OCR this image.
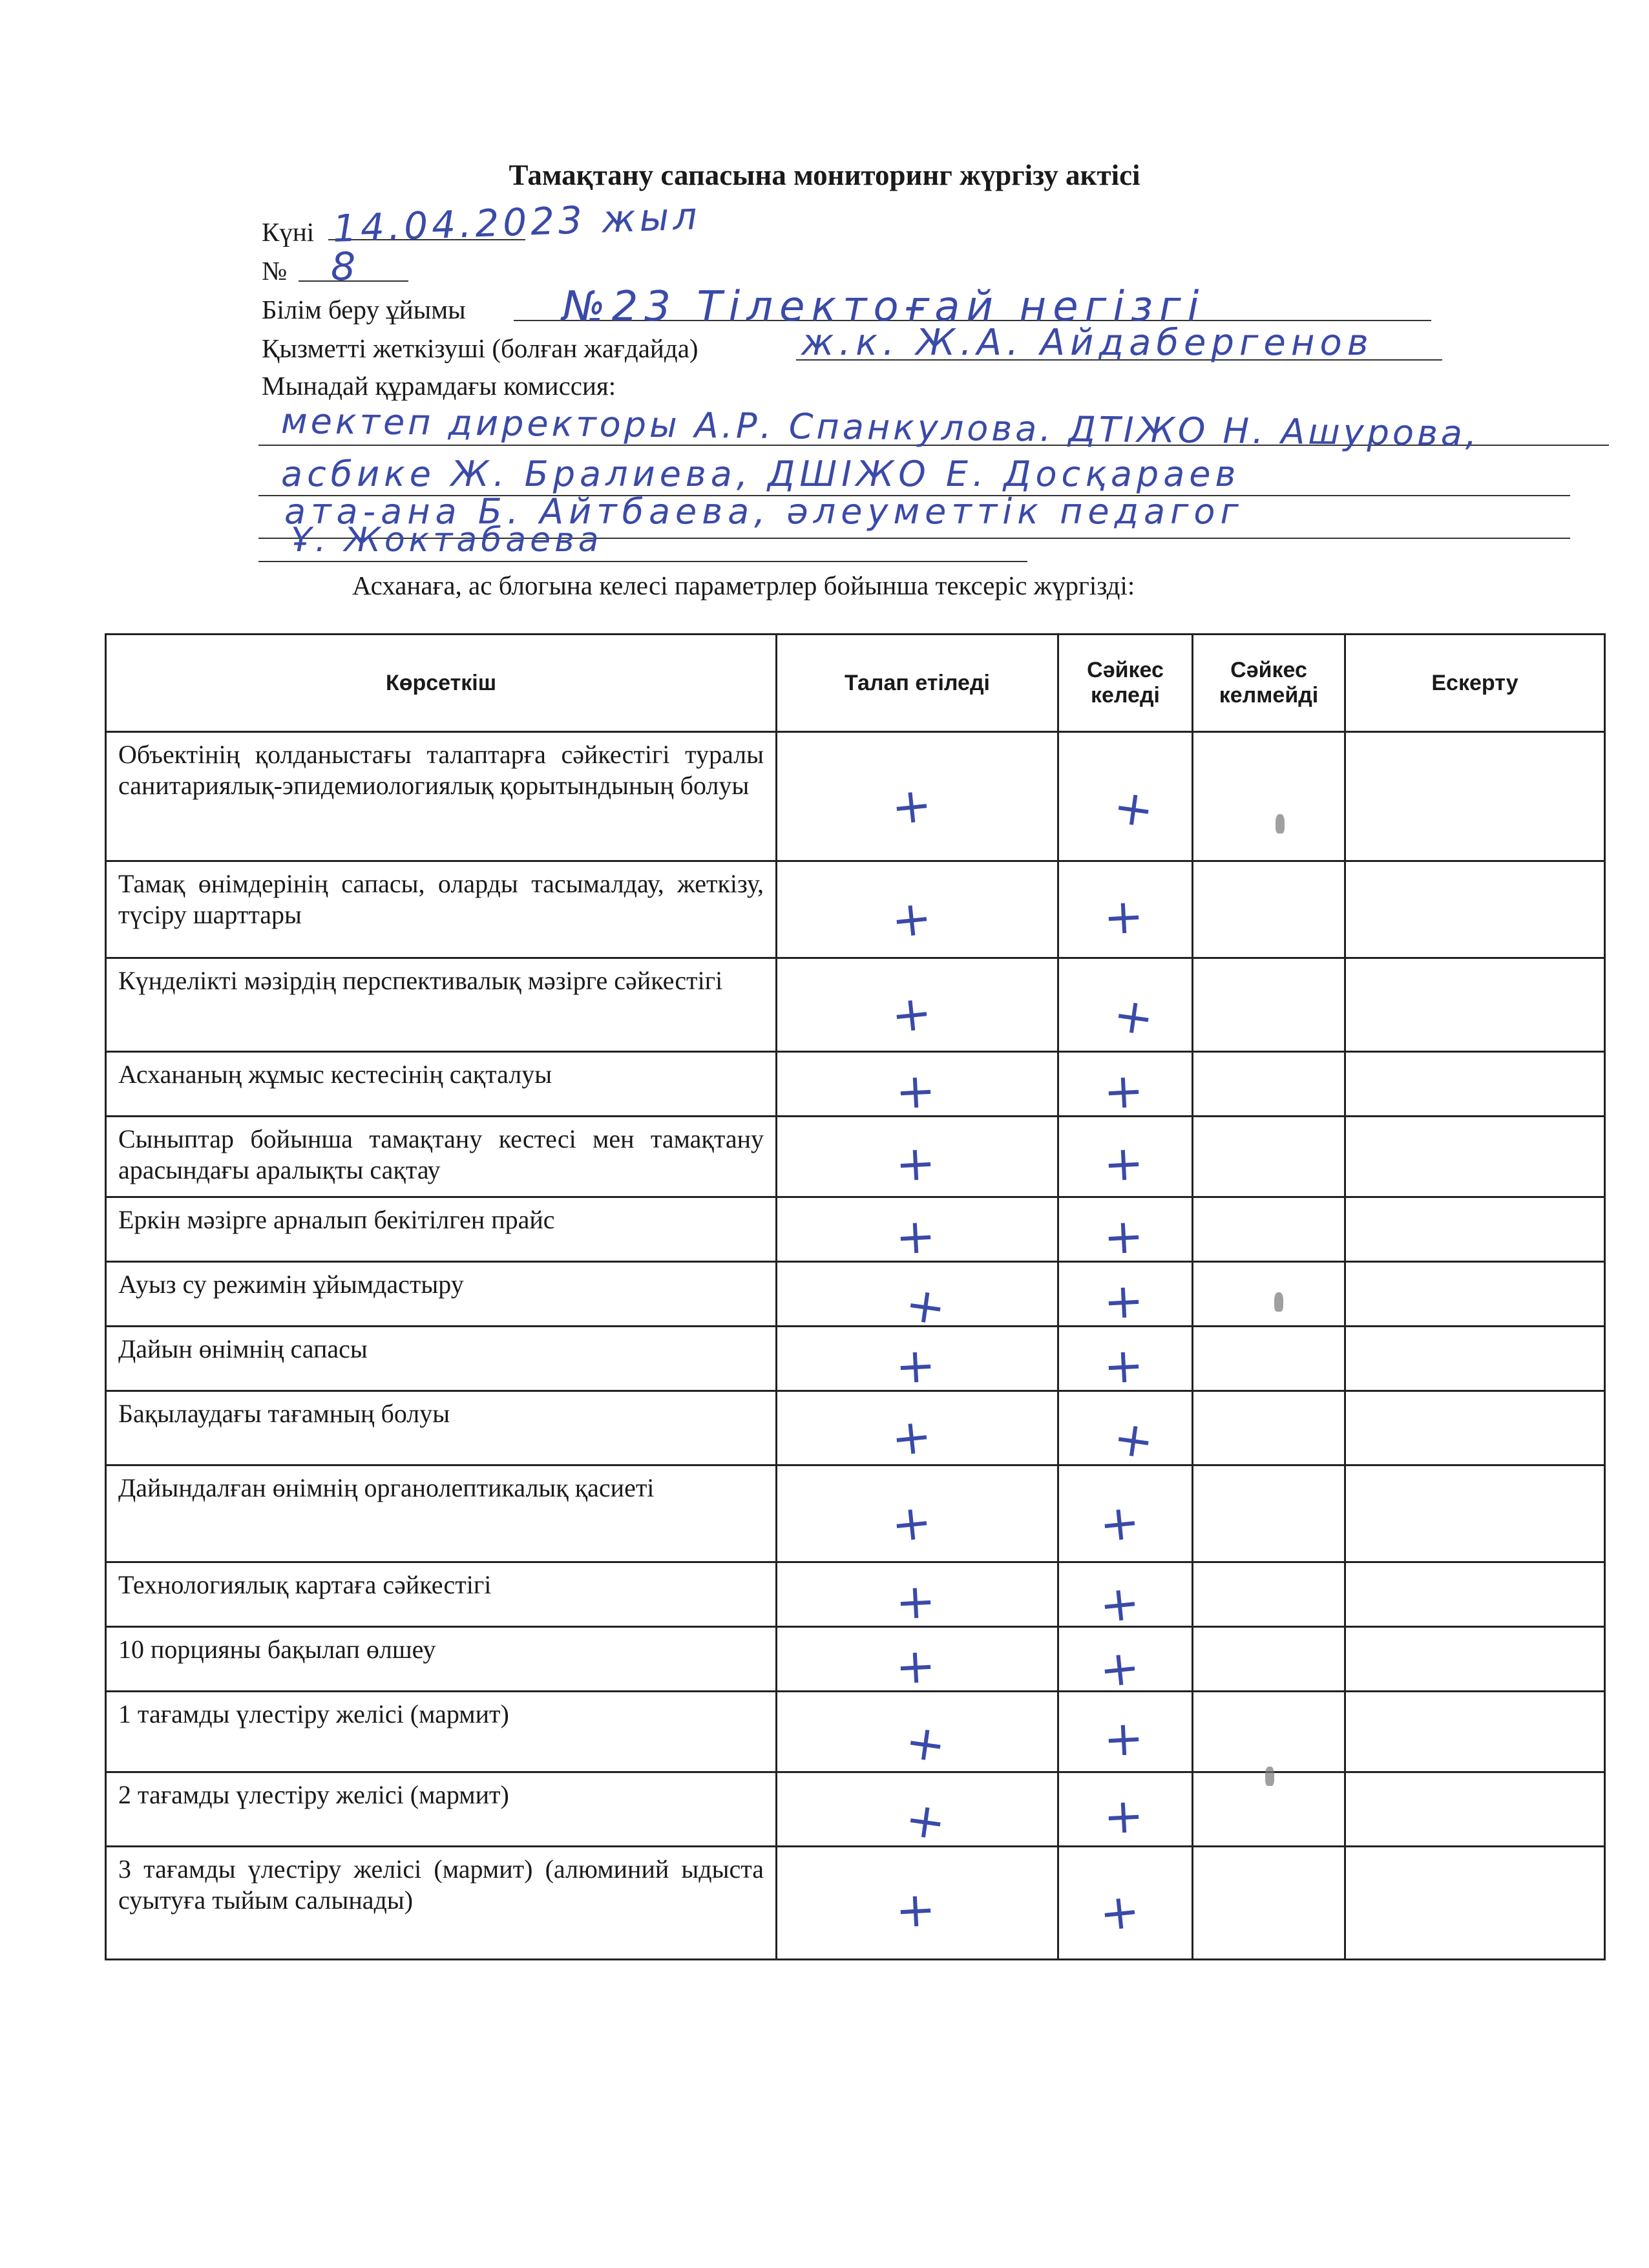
Тамақтану сапасына мониторинг жүргізу актісі
Күні 14.04.2023 жыл
№ 8
Білім беру ұйымы №23 Тілектоғай негізгі
Қызметті жеткізуші (болған жағдайда)	ж.к. Ж.А. Айдабергенов
Мынадай құрамдағы комиссия:
мектеп директоры А.Р. Спанкулова. ДТІЖО Н. Ашурова,
асбике Ж. Бралиева, ДШІЖО Е. Досқараев
ата-ана Б. Айтбаева, әлеуметтік педагог
Ұ. Жоктабаева
Асханаға, ас блогына келесі параметрлер бойынша тексеріс жүргізді:
Көрсеткіш	Талап етіледі	Сәйкес келеді	Сәйкес келмейді	Ескерту
Объектінің қолданыстағы талаптарға сәйкестігі туралы санитариялық-эпидемиологиялық қорытындының болуы	+	+		

Тамақ өнімдерінің сапасы, оларды тасымалдау, жеткізу, түсіру шарттары	+	+		

Күнделікті мәзірдің перспективалық мәзірге сәйкестігі	+	+		

Асхананың жұмыс кестесінің сақталуы	+	+		

Сыныптар бойынша тамақтану кестесі мен тамақтану арасындағы аралықты сақтау	+	+		

Еркін мәзірге арналып бекітілген прайс	+	+		

Ауыз су режимін ұйымдастыру	+	+		

Дайын өнімнің сапасы	+	+		

Бақылаудағы тағамның болуы	+	+		

Дайындалған өнімнің органолептикалық қасиеті	+	+		

Технологиялық картаға сәйкестігі	+	+		

10 порцияны бақылап өлшеу	+	+		

1 тағамды үлестіру желісі (мармит)	+	+		

2 тағамды үлестіру желісі (мармит)	+	+		

3 тағамды үлестіру желісі (мармит) (алюминий ыдыста суытуға тыйым салынады)	+	+		
